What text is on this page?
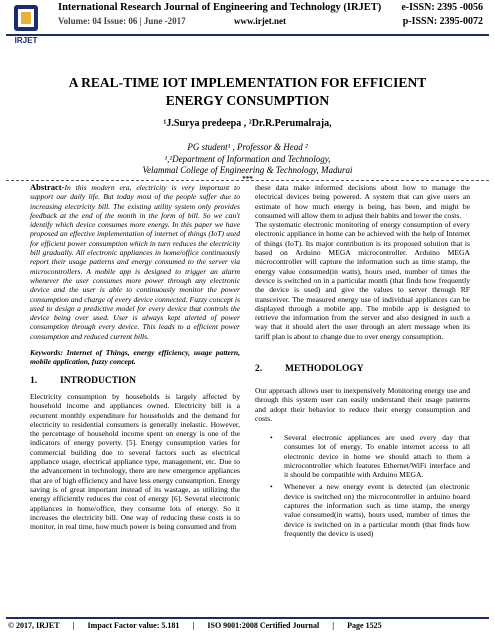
IRJET
International Research Journal of Engineering and Technology (IRJET) e-ISSN: 2395 -0056
Volume: 04 Issue: 06 | June -2017	www.irjet.net	p-ISSN: 2395-0072
A REAL-TIME IOT IMPLEMENTATION FOR EFFICIENT ENERGY CONSUMPTION
¹J.Surya predeepa , ²Dr.R.Perumalraja,
PG student¹ , Professor & Head ²
¹,²Department of Information and Technology,
Velammal College of Engineering & Technology, Madurai
***
Abstract-In this modern era, electricity is very important to support our daily life. But today most of the people suffer due to increasing electricity bill. The existing utility system only provides feedback at the end of the month in the form of bill. So we can't identify which device consumes more energy. In this paper we have proposed an effective implementation of internet of things (IoT) used for efficient power consumption which in turn reduces the electricity bill gradually. All electronic appliances in home/office continuously report their usage patterns and energy consumed to the server via microcontrollers. A mobile app is designed to trigger an alarm whenever the user consumes more power through any electronic device and the user is able to continuously monitor the power consumption and charge of every device connected. Fuzzy concept is used to design a predictive model for every device that controls the device being over used. User is always kept alerted of power consumption through every device. This leads to a efficient power consumption and reduced current bills.
Keywords: Internet of Things, energy efficiency, usage pattern, mobile application, fuzzy concept.
1. INTRODUCTION
Electricity consumption by households is largely affected by household income and appliances owned. Electricity bill is a recurrent monthly expenditure for households and the demand for electricity to residential consumers is generally inelastic. However, the percentage of household income spent on energy is one of the indicators of energy poverty. [5]. Energy consumption varies for commercial building due to several factors such as electrical appliance usage, electrical appliance type, management, etc. Due to the advancement in technology, there are new emergence appliances that are of high efficiency and have less energy consumption. Energy saving is of great important instead of its wastage, as utilizing the energy efficiently reduces the cost of energy [6]. Several electronic appliances in home/office, they consume lots of energy. So it increases the electricity bill. One way of reducing these costs is to monitor, in real time, how much power is being consumed and from
these data make informed decisions about how to manage the electrical devices being powered. A system that can give users an estimate of how much energy is being, has been, and might be consumed will allow them to adjust their habits and lower the costs.
The systematic electronic monitoring of energy consumption of every electronic appliance in home can be achieved with the help of Internet of things (IoT). Its major contribution is its proposed solution that is based on Arduino MEGA microcontroller. Arduino MEGA microcontroller will capture the information such as time stamp, the energy value consumed(in watts), hours used, number of times the device is switched on in a particular month (that finds how frequently the device is used) and give the values to server through RF transceiver. The measured energy use of individual appliances can be displayed through a mobile app. The mobile app is designed to retrieve the information from the server and also designed in such a way that it should alert the user through an alert message when its tariff plan is about to change due to over energy consumption.
2. METHODOLOGY
Our approach allows user to inexpensively Monitoring energy use and through this system user can easily understand their usage patterns and adopt their behavior to reduce their energy consumption and costs.
• Several electronic appliances are used every day that consumes lot of energy. To enable internet access to all electronic device in home we should attach to them a microcontroller which features Ethernet/WiFi interface and it should be compatible with Arduino MEGA.
• Whenever a new energy event is detected (an electronic device is switched on) the microcontroller in arduino board captures the information such as time stamp, the energy value consumed(in watts), hours used, number of times the device is switched on in a particular month (that finds how frequently the device is used)
© 2017, IRJET | Impact Factor value: 5.181 | ISO 9001:2008 Certified Journal | Page 1525
